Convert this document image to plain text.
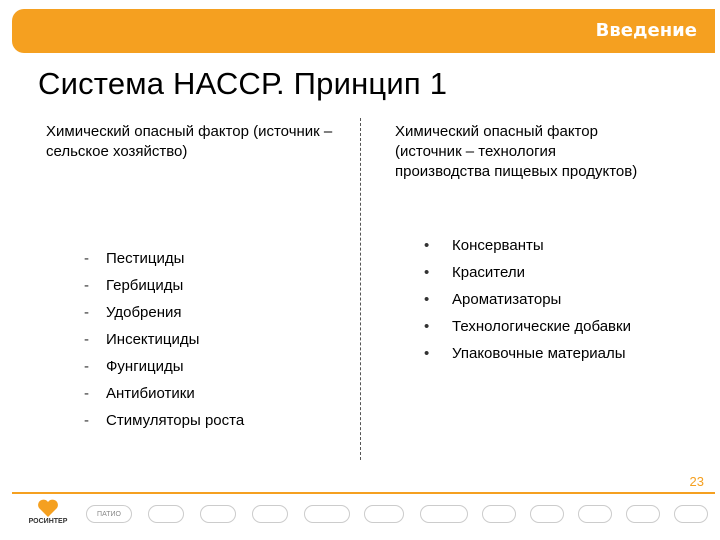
Введение
Система НАССР. Принцип 1
Химический опасный фактор (источник – сельское хозяйство)
Химический опасный фактор (источник – технология производства пищевых продуктов)
-	Пестициды
-	Гербициды
-	Удобрения
-	Инсектициды
-	Фунгициды
-	Антибиотики
-	Стимуляторы роста
• Консерванты
• Красители
• Ароматизаторы
• Технологические добавки
• Упаковочные материалы
23
РОСИНТЕР
ПАТИО
